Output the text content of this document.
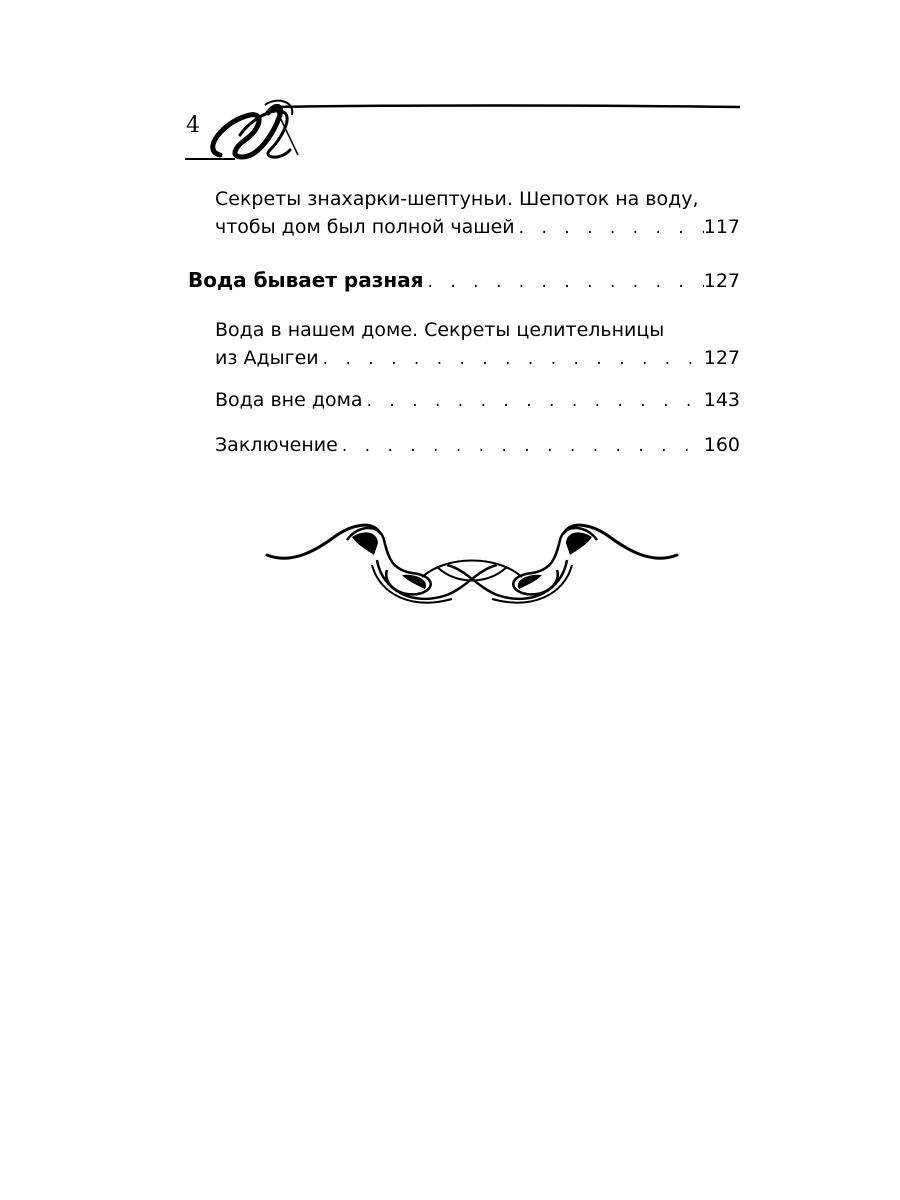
4
Секреты знахарки-шептуньи. Шепоток на воду,
чтобы дом был полной чашей . . .	117
Вода бывает разная . . .	127
Вода в нашем доме. Секреты целительницы
из Адыгеи . . .	127
Вода вне дома . . .	143
Заключение . . .	160
